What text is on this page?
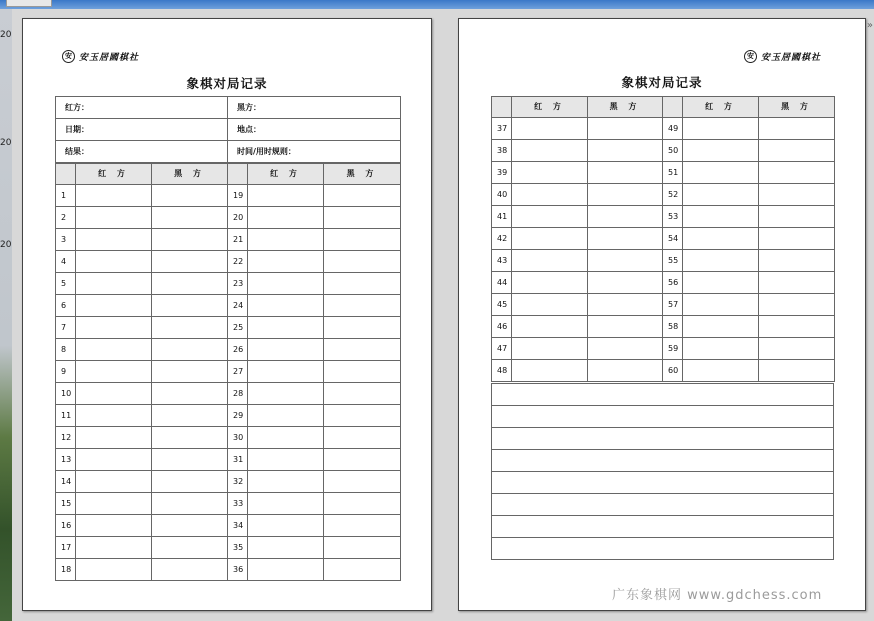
20
20
20
»
安 安玉居國棋社
象棋对局记录
红方：	黑方：
日期：	地点：
结果：	时间/用时规则：
	红 方	黑 方		红 方	黑 方
1			19		
2			20		
3			21		
4			22		
5			23		
6			24		
7			25		
8			26		
9			27		
10			28		
11			29		
12			30		
13			31		
14			32		
15			33		
16			34		
17			35		
18			36		
安 安玉居國棋社
象棋对局记录
	红 方	黑 方		红 方	黑 方
37			49		
38			50		
39			51		
40			52		
41			53		
42			54		
43			55		
44			56		
45			57		
46			58		
47			59		
48			60		

广东象棋网 www.gdchess.com
